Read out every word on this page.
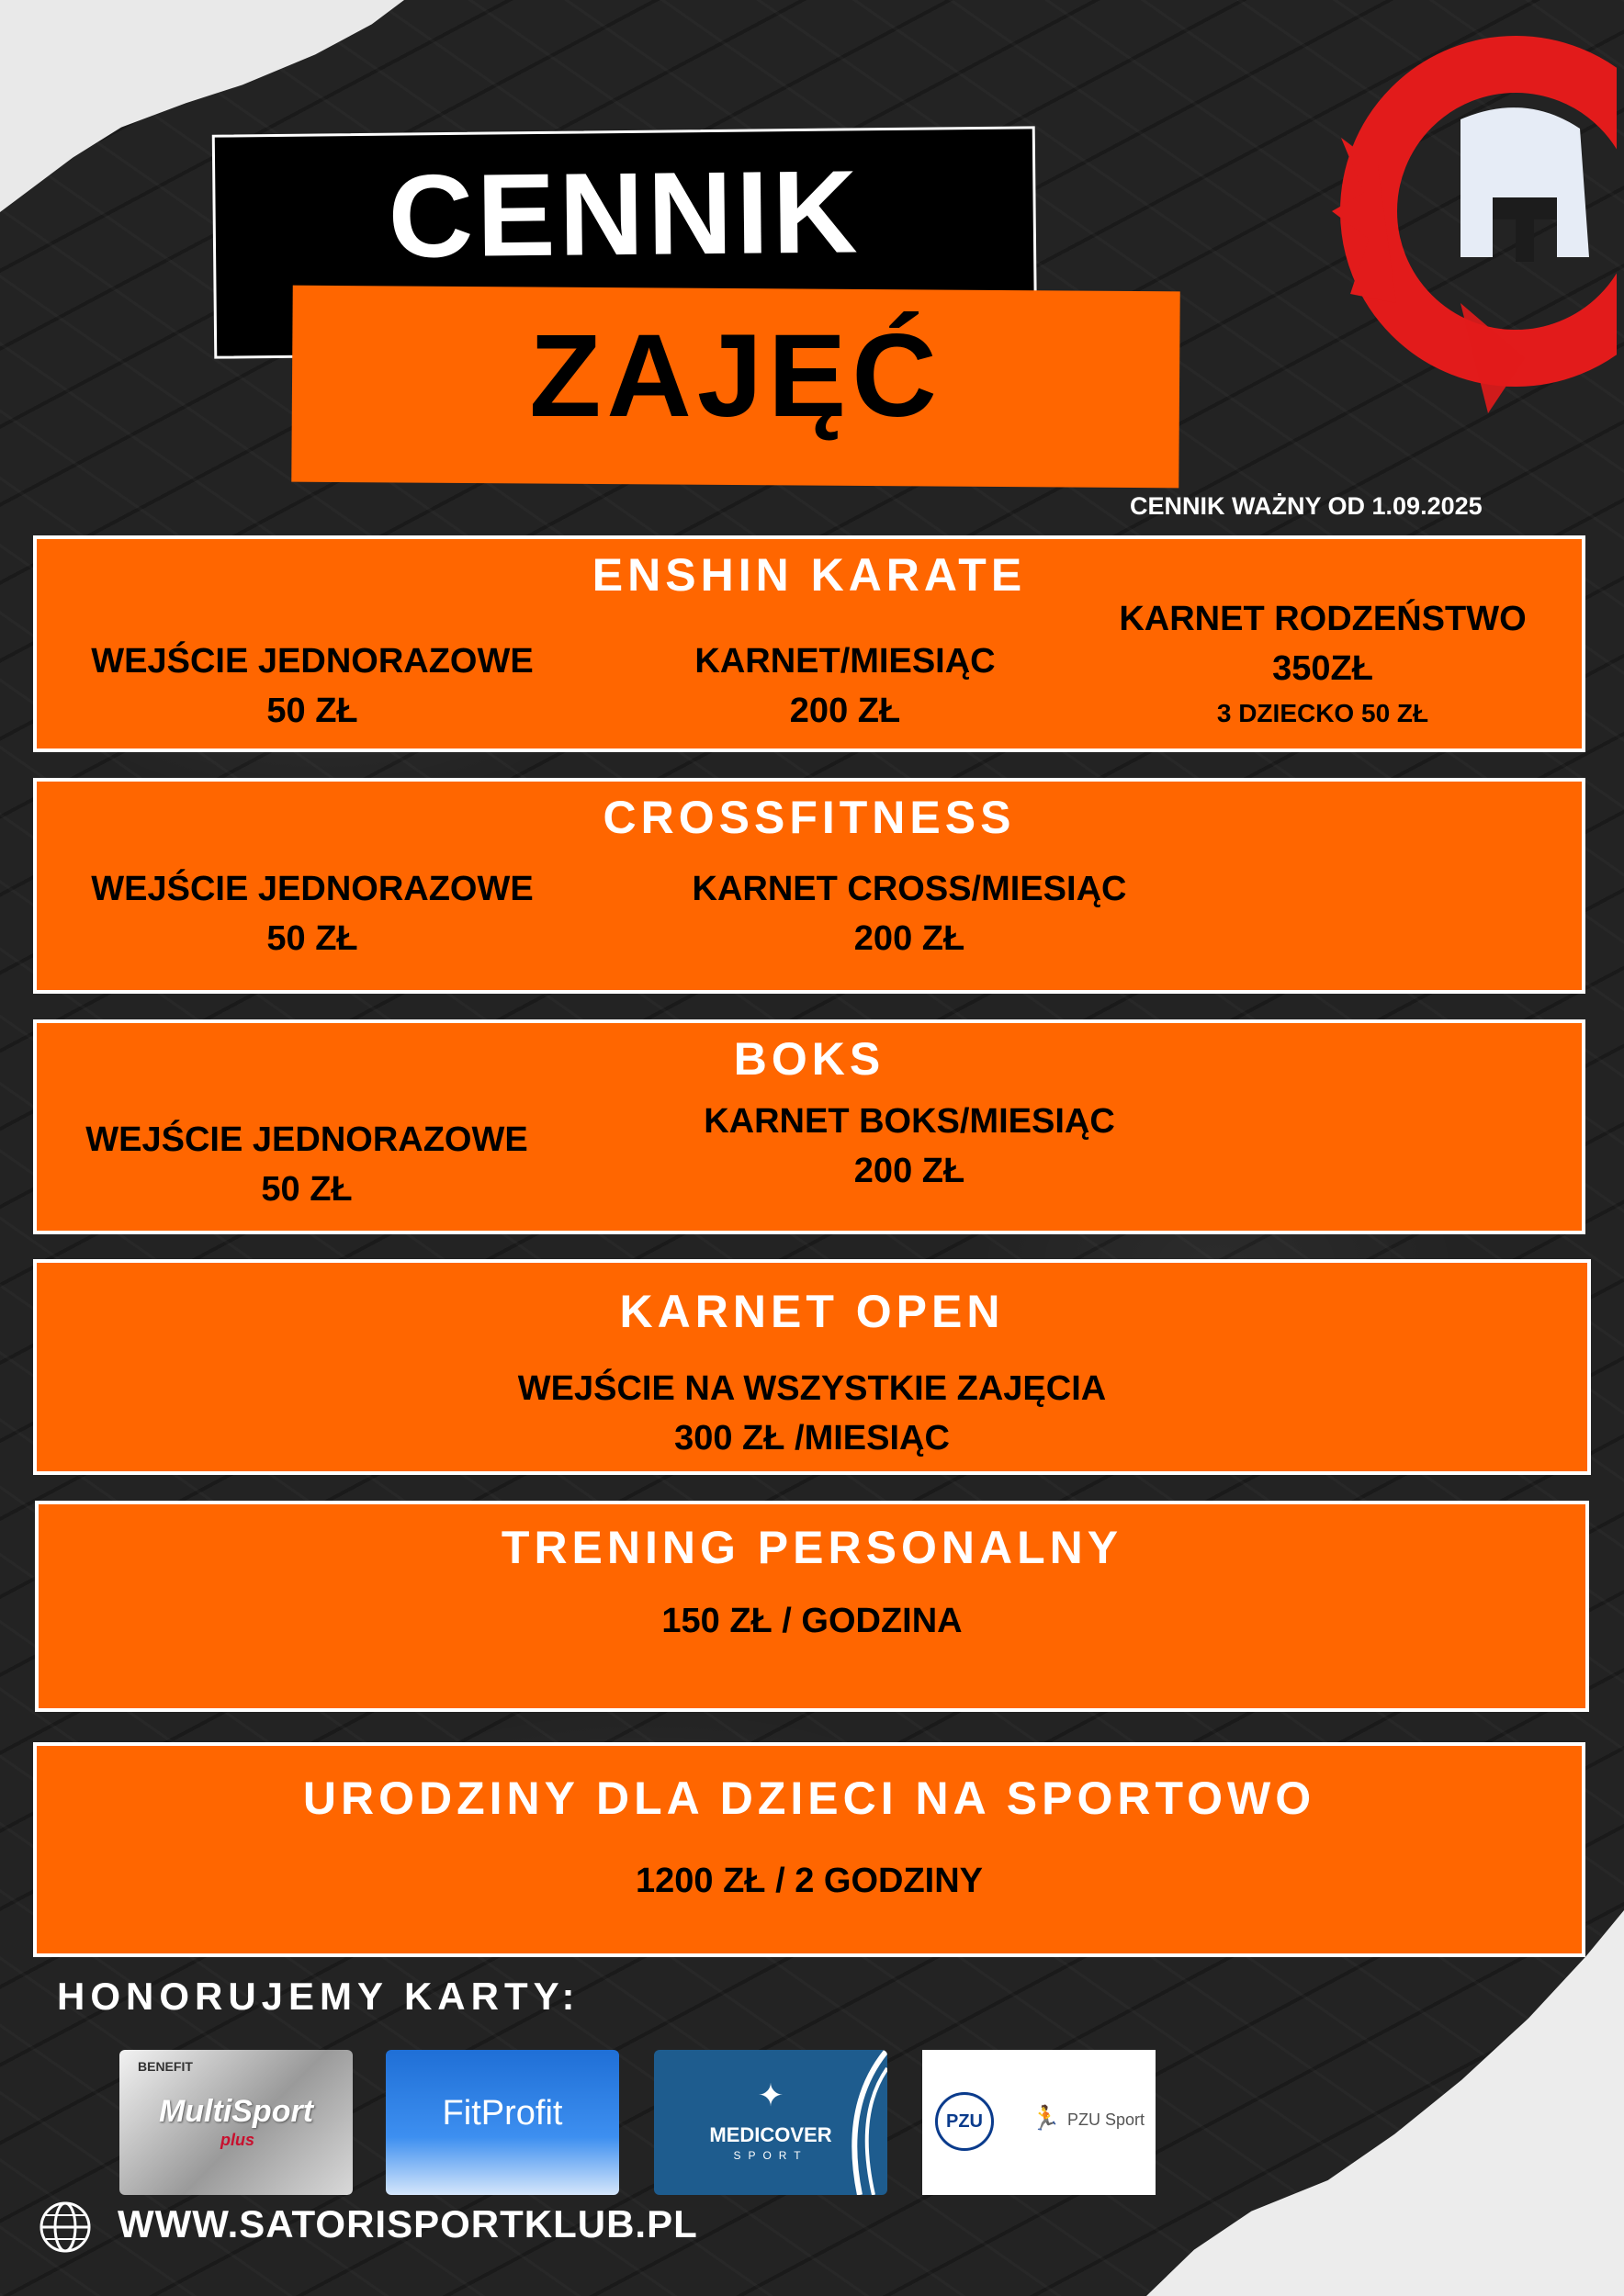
CENNIK
ZAJĘĆ
CENNIK WAŻNY OD 1.09.2025
ENSHIN KARATE
WEJŚCIE JEDNORAZOWE
50 ZŁ
KARNET/MIESIĄC
200 ZŁ
KARNET RODZEŃSTWO
350ZŁ
3 DZIECKO 50 ZŁ
CROSSFITNESS
WEJŚCIE JEDNORAZOWE
50 ZŁ
KARNET CROSS/MIESIĄC
200 ZŁ
BOKS
WEJŚCIE JEDNORAZOWE
50 ZŁ
KARNET BOKS/MIESIĄC
200 ZŁ
KARNET OPEN
WEJŚCIE NA WSZYSTKIE ZAJĘCIA
300 ZŁ /MIESIĄC
TRENING PERSONALNY
150 ZŁ / GODZINA
URODZINY DLA DZIECI NA SPORTOWO
1200 ZŁ / 2 GODZINY
HONORUJEMY KARTY:
BENEFIT
MultiSport
plus
FitProfit	✦
MEDICOVER
SPORT
PZU	🏃 PZU Sport
WWW.SATORISPORTKLUB.PL
